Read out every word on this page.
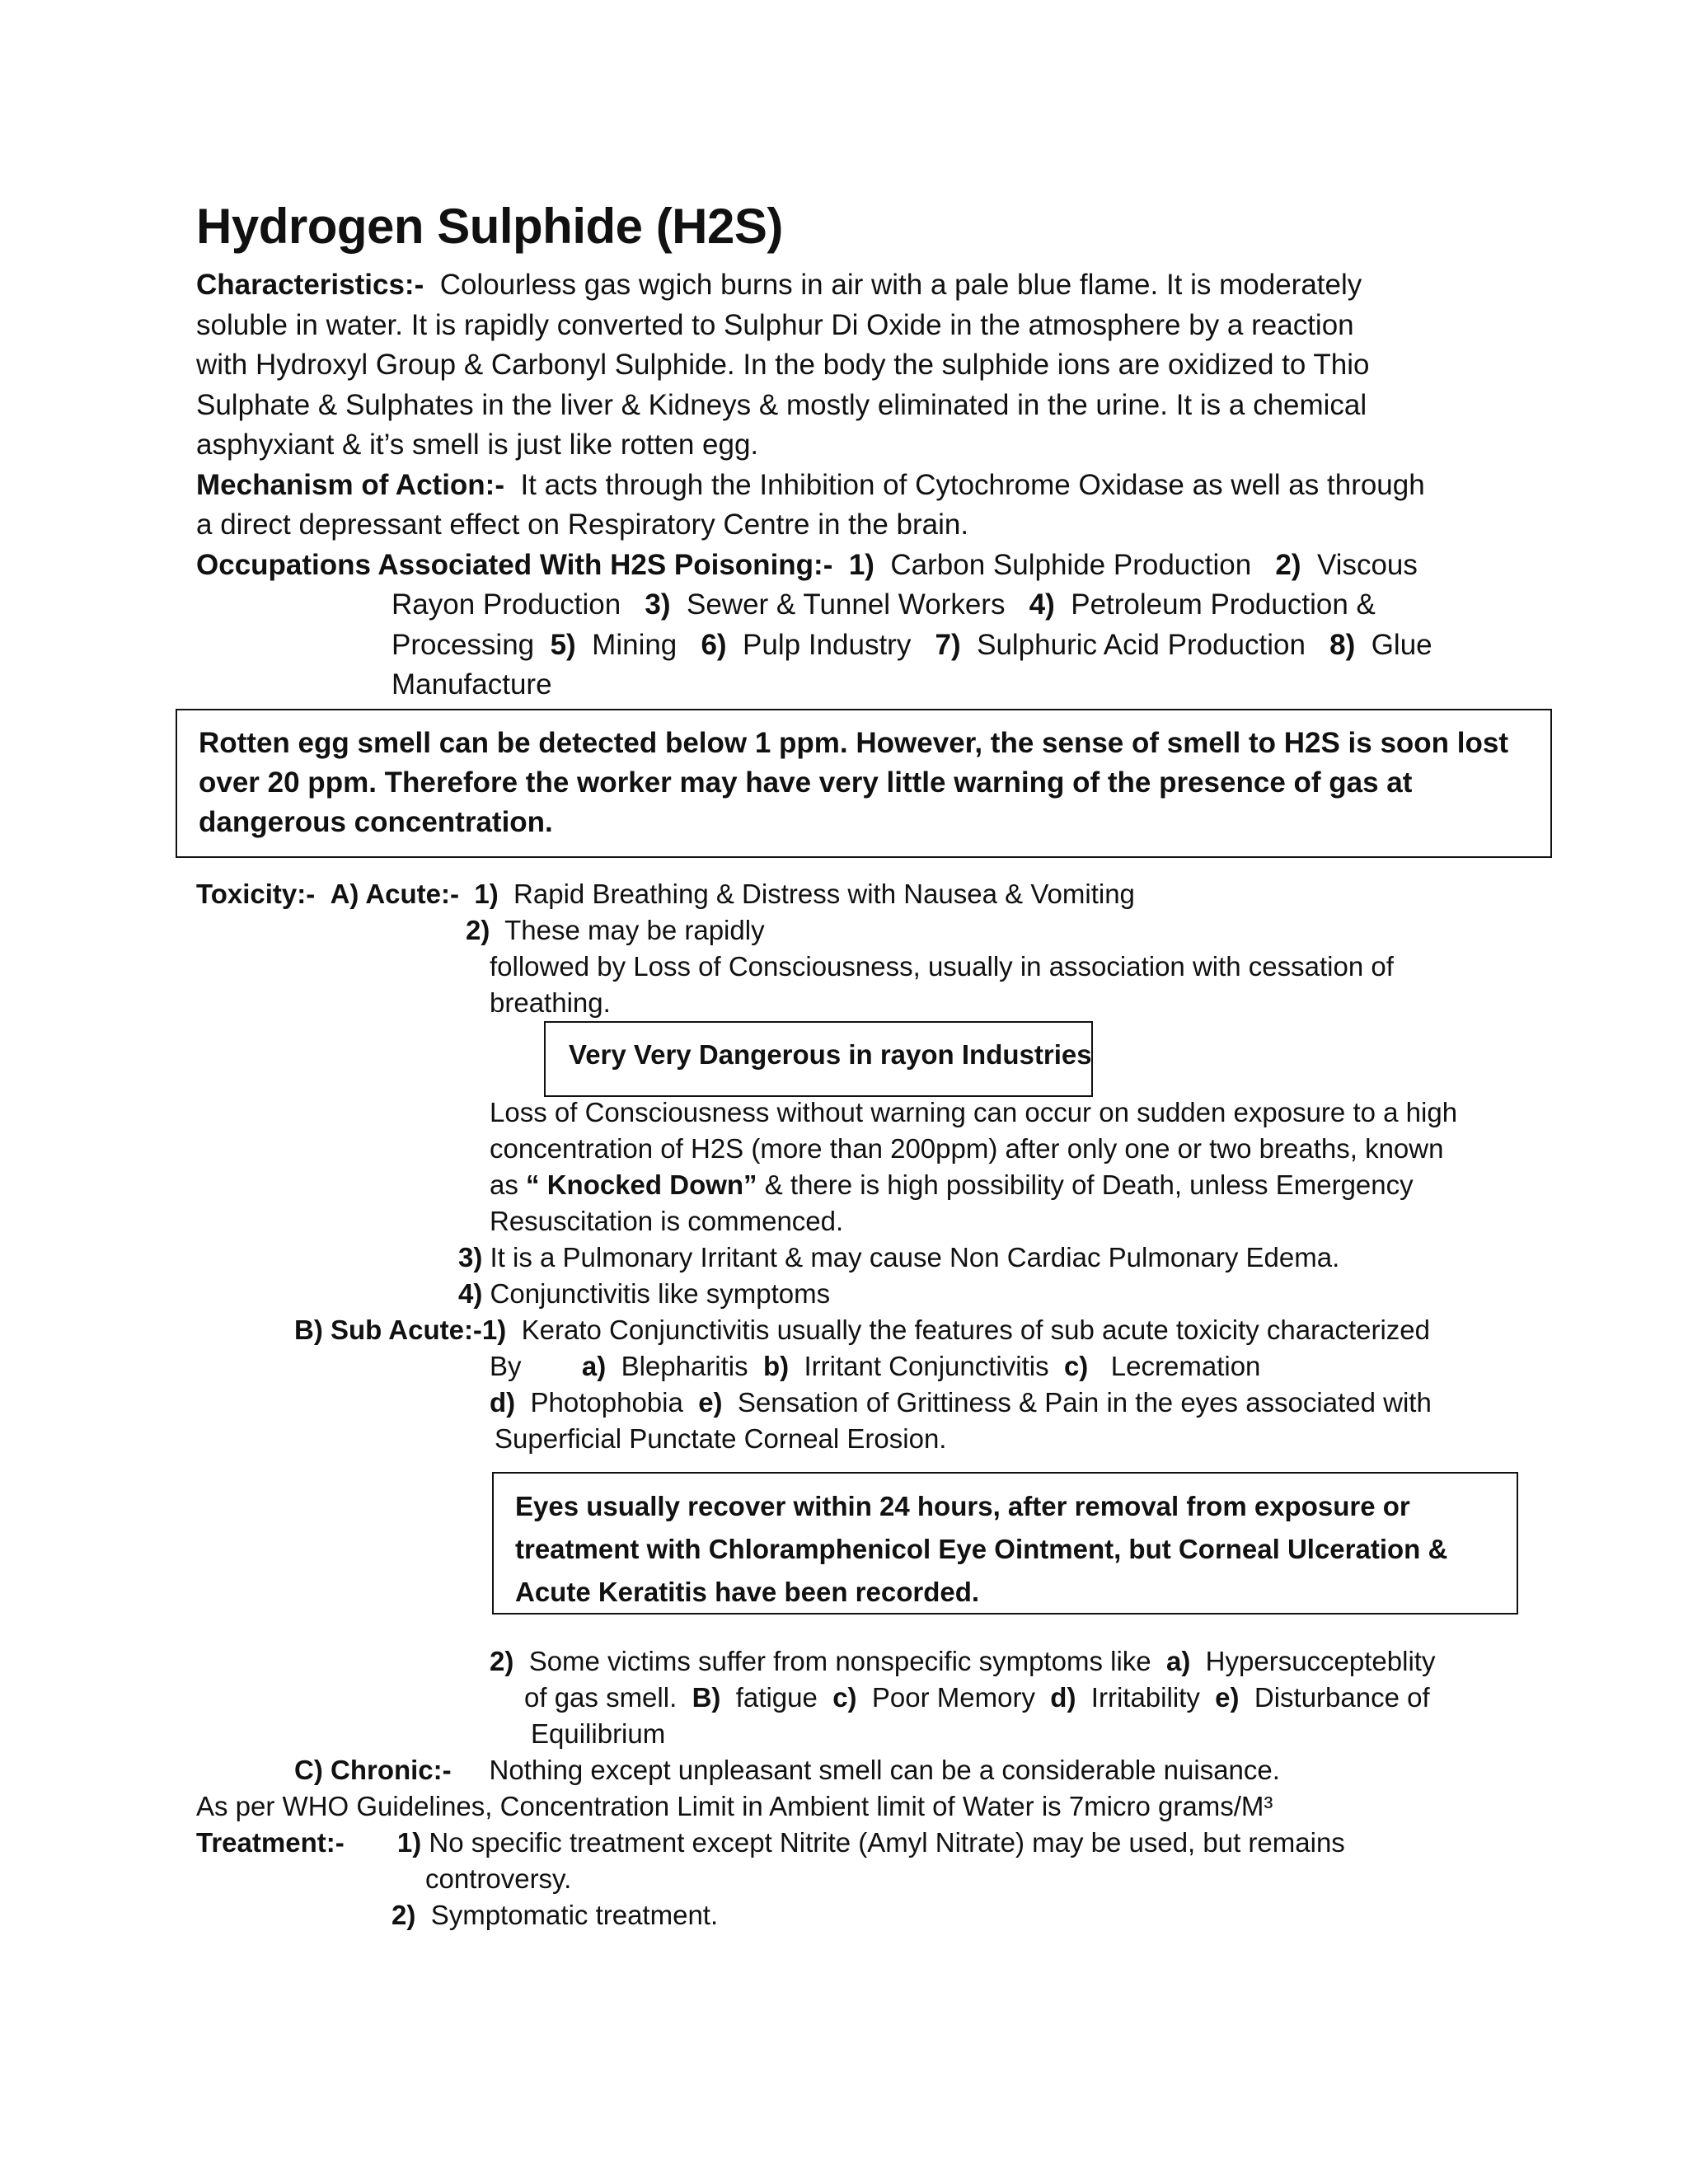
Hydrogen Sulphide (H2S)
Characteristics:- Colourless gas wgich burns in air with a pale blue flame. It is moderately
soluble in water. It is rapidly converted to Sulphur Di Oxide in the atmosphere by a reaction
with Hydroxyl Group & Carbonyl Sulphide. In the body the sulphide ions are oxidized to Thio
Sulphate & Sulphates in the liver & Kidneys & mostly eliminated in the urine. It is a chemical
asphyxiant & it’s smell is just like rotten egg.
Mechanism of Action:- It acts through the Inhibition of Cytochrome Oxidase as well as through
a direct depressant effect on Respiratory Centre in the brain.
Occupations Associated With H2S Poisoning:- 1) Carbon Sulphide Production 2) Viscous
Rayon Production 3) Sewer & Tunnel Workers 4) Petroleum Production &
Processing 5) Mining 6) Pulp Industry 7) Sulphuric Acid Production 8) Glue
Manufacture
Rotten egg smell can be detected below 1 ppm. However, the sense of smell to H2S is soon lost
over 20 ppm. Therefore the worker may have very little warning of the presence of gas at
dangerous concentration.
Toxicity:- A) Acute:- 1) Rapid Breathing & Distress with Nausea & Vomiting
2) These may be rapidly
followed by Loss of Consciousness, usually in association with cessation of
breathing.
Very Very Dangerous in rayon Industries
Loss of Consciousness without warning can occur on sudden exposure to a high
concentration of H2S (more than 200ppm) after only one or two breaths, known
as “ Knocked Down” & there is high possibility of Death, unless Emergency
Resuscitation is commenced.
3) It is a Pulmonary Irritant & may cause Non Cardiac Pulmonary Edema.
4) Conjunctivitis like symptoms
B) Sub Acute:-1) Kerato Conjunctivitis usually the features of sub acute toxicity characterized
By a) Blepharitis b) Irritant Conjunctivitis c) Lecremation
d) Photophobia e) Sensation of Grittiness & Pain in the eyes associated with
Superficial Punctate Corneal Erosion.
Eyes usually recover within 24 hours, after removal from exposure or
treatment with Chloramphenicol Eye Ointment, but Corneal Ulceration &
Acute Keratitis have been recorded.
2) Some victims suffer from nonspecific symptoms like a) Hypersuccepteblity
of gas smell. B) fatigue c) Poor Memory d) Irritability e) Disturbance of
Equilibrium
C) Chronic:- Nothing except unpleasant smell can be a considerable nuisance.
As per WHO Guidelines, Concentration Limit in Ambient limit of Water is 7micro grams/M³
Treatment:- 1) No specific treatment except Nitrite (Amyl Nitrate) may be used, but remains
controversy.
2) Symptomatic treatment.
